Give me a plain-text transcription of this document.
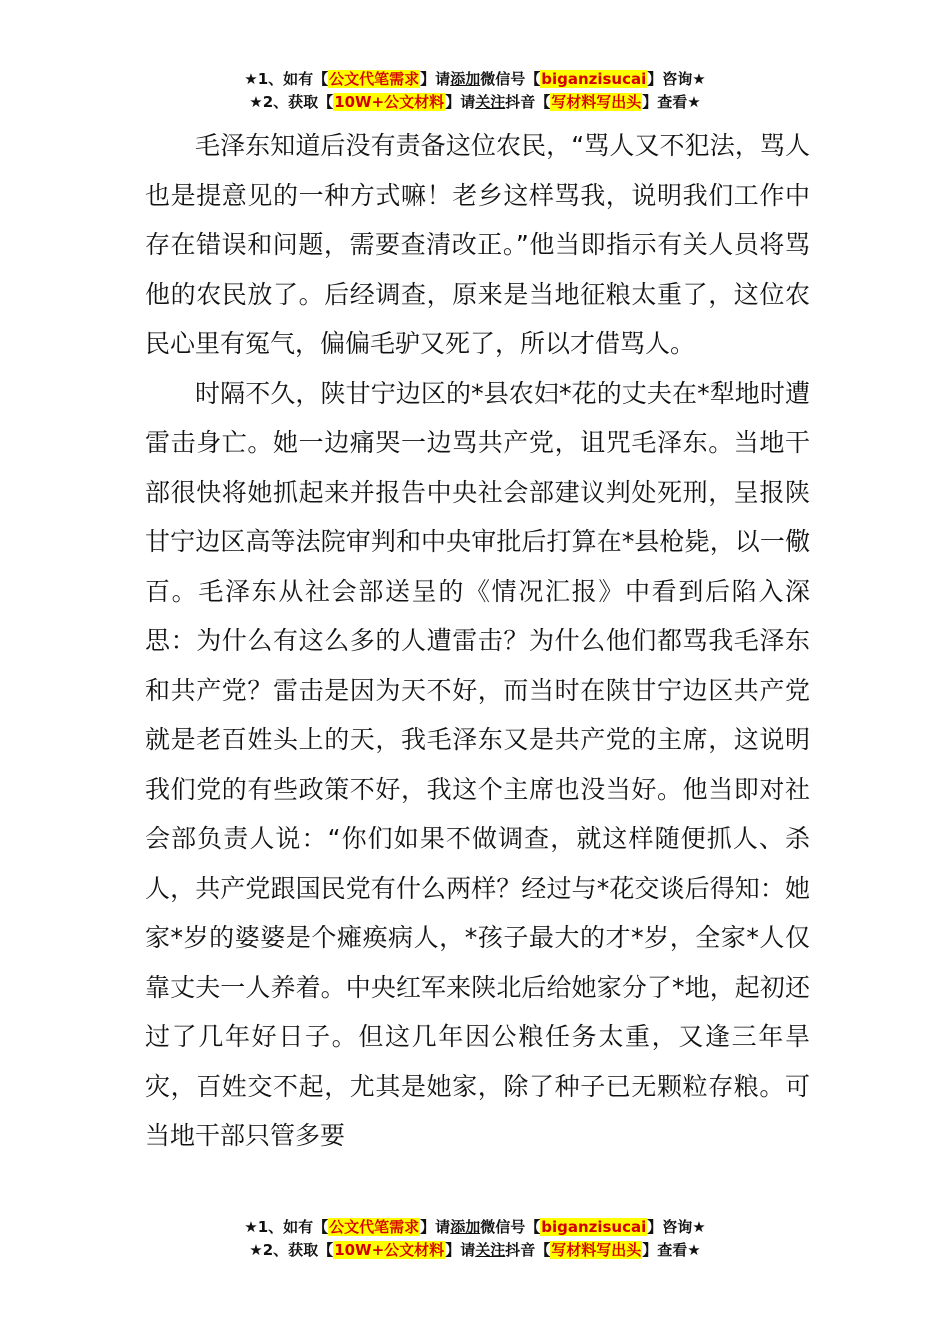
★1、如有【公文代笔需求】请添加微信号【biganzisucai】咨询★
★2、获取【10W+公文材料】请关注抖音【写材料写出头】查看★

毛泽东知道后没有责备这位农民，“骂人又不犯法，骂人也是提意见的一种方式嘛！老乡这样骂我，说明我们工作中存在错误和问题，需要查清改正。”他当即指示有关人员将骂他的农民放了。后经调查，原来是当地征粮太重了，这位农民心里有冤气，偏偏毛驴又死了，所以才借骂人。

时隔不久，陕甘宁边区的*县农妇*花的丈夫在*犁地时遭雷击身亡。她一边痛哭一边骂共产党，诅咒毛泽东。当地干部很快将她抓起来并报告中央社会部建议判处死刑，呈报陕甘宁边区高等法院审判和中央审批后打算在*县枪毙，以一儆百。毛泽东从社会部送呈的《情况汇报》中看到后陷入深思：为什么有这么多的人遭雷击？为什么他们都骂我毛泽东和共产党？雷击是因为天不好，而当时在陕甘宁边区共产党就是老百姓头上的天，我毛泽东又是共产党的主席，这说明我们党的有些政策不好，我这个主席也没当好。他当即对社会部负责人说：“你们如果不做调查，就这样随便抓人、杀人，共产党跟国民党有什么两样？经过与*花交谈后得知：她家*岁的婆婆是个瘫痪病人，*孩子最大的才*岁，全家*人仅靠丈夫一人养着。中央红军来陕北后给她家分了*地，起初还过了几年好日子。但这几年因公粮任务太重，又逢三年旱灾，百姓交不起，尤其是她家，除了种子已无颗粒存粮。可当地干部只管多要

★1、如有【公文代笔需求】请添加微信号【biganzisucai】咨询★
★2、获取【10W+公文材料】请关注抖音【写材料写出头】查看★
